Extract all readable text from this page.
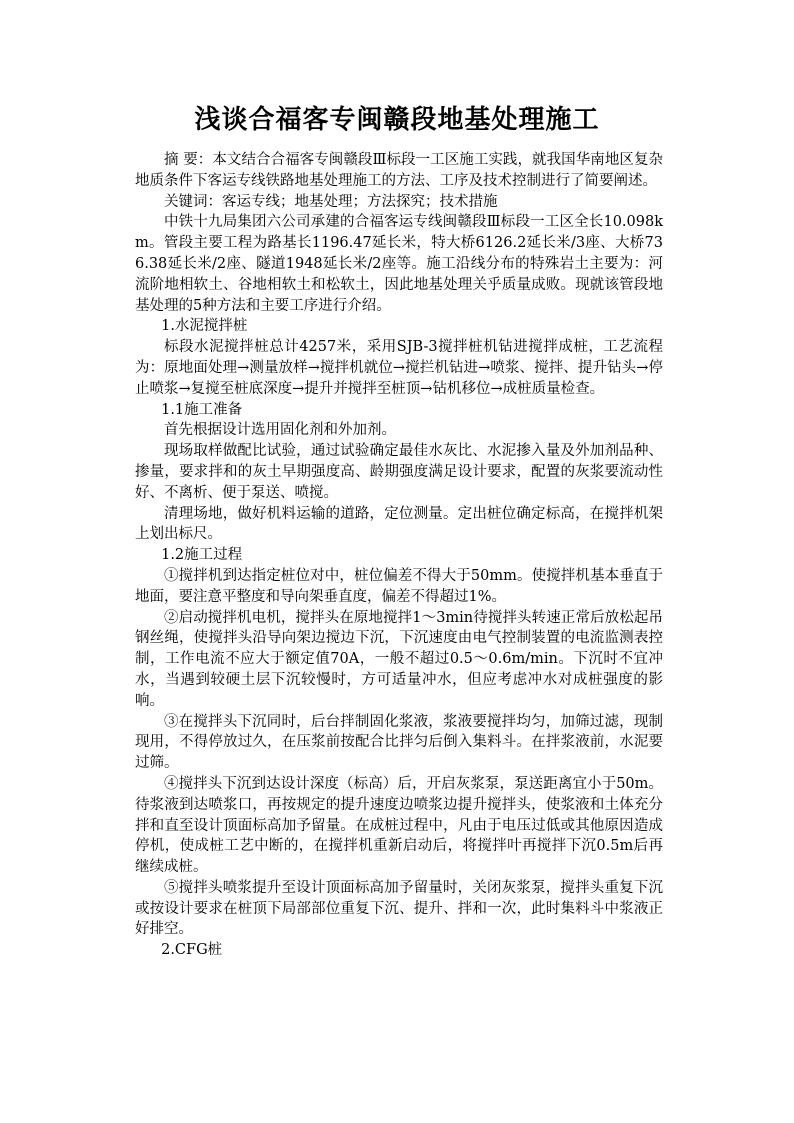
浅谈合福客专闽赣段地基处理施工

摘 要：本文结合合福客专闽赣段Ⅲ标段一工区施工实践，就我国华南地区复杂地质条件下客运专线铁路地基处理施工的方法、工序及技术控制进行了简要阐述。

关键词：客运专线；地基处理；方法探究；技术措施

中铁十九局集团六公司承建的合福客运专线闽赣段Ⅲ标段一工区全长10.098km。管段主要工程为路基长1196.47延长米，特大桥6126.2延长米/3座、大桥736.38延长米/2座、隧道1948延长米/2座等。施工沿线分布的特殊岩土主要为：河流阶地相软土、谷地相软土和松软土，因此地基处理关乎质量成败。现就该管段地基处理的5种方法和主要工序进行介绍。

1.水泥搅拌桩

标段水泥搅拌桩总计4257米，采用SJB-3搅拌桩机钻进搅拌成桩，工艺流程为：原地面处理→测量放样→搅拌机就位→搅拦机钻进→喷浆、搅拌、提升钻头→停止喷浆→复搅至桩底深度→提升并搅拌至桩顶→钻机移位→成桩质量检查。

1.1施工准备

首先根据设计选用固化剂和外加剂。

现场取样做配比试验，通过试验确定最佳水灰比、水泥掺入量及外加剂品种、掺量，要求拌和的灰土早期强度高、龄期强度满足设计要求，配置的灰浆要流动性好、不离析、便于泵送、喷搅。

清理场地，做好机料运输的道路，定位测量。定出桩位确定标高，在搅拌机架上划出标尺。

1.2施工过程

①搅拌机到达指定桩位对中，桩位偏差不得大于50mm。使搅拌机基本垂直于地面，要注意平整度和导向架垂直度，偏差不得超过1%。

②启动搅拌机电机，搅拌头在原地搅拌1～3min待搅拌头转速正常后放松起吊钢丝绳，使搅拌头沿导向架边搅边下沉，下沉速度由电气控制装置的电流监测表控制，工作电流不应大于额定值70A，一般不超过0.5～0.6m/min。下沉时不宜冲水，当遇到较硬土层下沉较慢时，方可适量冲水，但应考虑冲水对成桩强度的影响。

③在搅拌头下沉同时，后台拌制固化浆液，浆液要搅拌均匀，加筛过滤，现制现用，不得停放过久，在压浆前按配合比拌匀后倒入集料斗。在拌浆液前，水泥要过筛。

④搅拌头下沉到达设计深度（标高）后，开启灰浆泵，泵送距离宜小于50m。待浆液到达喷浆口，再按规定的提升速度边喷浆边提升搅拌头，使浆液和土体充分拌和直至设计顶面标高加予留量。在成桩过程中，凡由于电压过低或其他原因造成停机，使成桩工艺中断的，在搅拌机重新启动后，将搅拌叶再搅拌下沉0.5m后再继续成桩。

⑤搅拌头喷浆提升至设计顶面标高加予留量时，关闭灰浆泵，搅拌头重复下沉或按设计要求在桩顶下局部部位重复下沉、提升、拌和一次，此时集料斗中浆液正好排空。

2.CFG桩
